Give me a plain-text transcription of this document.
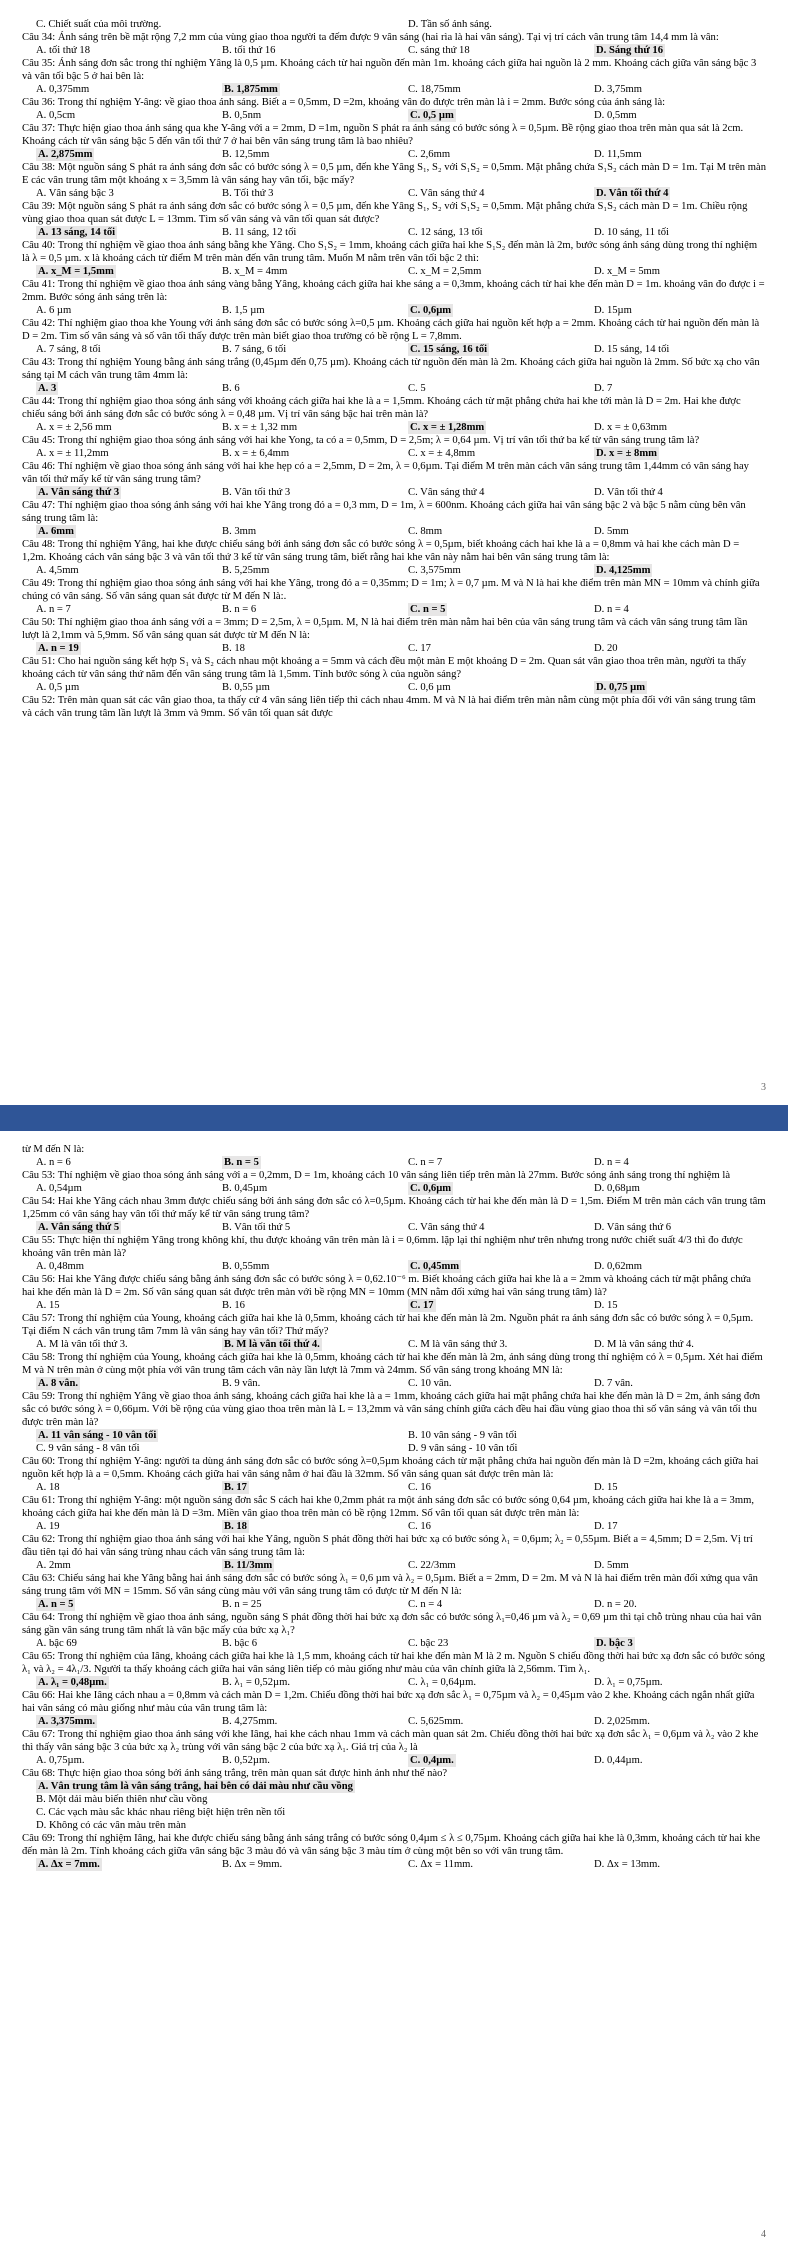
C. Chiết suất của môi trường.	D. Tần số ánh sáng.
Câu 34: Ánh sáng trên bề mặt rộng 7,2 mm của vùng giao thoa người ta đếm được 9 vân sáng (hai rìa là hai vân sáng). Tại vị trí cách vân trung tâm 14,4 mm là vân:
A. tối thứ 18	B. tối thứ 16	C. sáng thứ 18	D. Sáng thứ 16
Câu 35: Ánh sáng đơn sắc trong thí nghiệm Yâng là 0,5 µm. Khoảng cách từ hai nguồn đến màn 1m. khoảng cách giữa hai nguồn là 2 mm. Khoảng cách giữa vân sáng bậc 3 và vân tối bậc 5 ở hai bên là:
A. 0,375mm	B. 1,875mm	C. 18,75mm	D. 3,75mm
Câu 36: Trong thí nghiệm Y-âng: về giao thoa ánh sáng. Biết a = 0,5mm, D =2m, khoảng vân đo được trên màn là i = 2mm. Bước sóng của ánh sáng là:
A. 0,5cm	B. 0,5nm	C. 0,5 µm	D. 0,5mm
Câu 37: Thực hiện giao thoa ánh sáng qua khe Y-âng với a = 2mm, D =1m, nguồn S phát ra ánh sáng có bước sóng λ = 0,5µm. Bề rộng giao thoa trên màn qua sát là 2cm. Khoảng cách từ vân sáng bậc 5 đến vân tối thứ 7 ở hai bên vân sáng trung tâm là bao nhiêu?
A. 2,875mm	B. 12,5mm	C. 2,6mm	D. 11,5mm
Câu 38: Một nguồn sáng S phát ra ánh sáng đơn sắc có bước sóng λ = 0,5 µm, đến khe Yâng S₁, S₂ với S₁S₂ = 0,5mm. Mặt phẳng chứa S₁S₂ cách màn D = 1m. Tại M trên màn E các vân trung tâm một khoảng x = 3,5mm là vân sáng hay vân tối, bậc mấy?
A. Vân sáng bậc 3	B. Tối thứ 3	C. Vân sáng thứ 4	D. Vân tối thứ 4
Câu 39: Một nguồn sáng S phát ra ánh sáng đơn sắc có bước sóng λ = 0,5 µm, đến khe Yâng S₁, S₂ với S₁S₂ = 0,5mm. Mặt phẳng chứa S₁S₂ cách màn D = 1m. Chiều rộng vùng giao thoa quan sát được L = 13mm. Tìm số vân sáng và vân tối quan sát được?
A. 13 sáng, 14 tối	B. 11 sáng, 12 tối	C. 12 sáng, 13 tối	D. 10 sáng, 11 tối
Câu 40: Trong thí nghiệm về giao thoa ánh sáng bằng khe Yâng. Cho S₁S₂ = 1mm, khoảng cách giữa hai khe S₁S₂ đến màn là 2m, bước sóng ánh sáng dùng trong thí nghiệm là λ = 0,5 µm. x là khoảng cách từ điểm M trên màn đến vân trung tâm. Muốn M nằm trên vân tối bậc 2 thì:
A. x_M = 1,5mm	B. x_M = 4mm	C. x_M = 2,5mm	D. x_M = 5mm
Câu 41: Trong thí nghiệm về giao thoa ánh sáng vàng bằng Yâng, khoảng cách giữa hai khe sáng a = 0,3mm, khoảng cách từ hai khe đến màn D = 1m. khoảng vân đo được i = 2mm. Bước sóng ánh sáng trên là:
A. 6 µm	B. 1,5 µm	C. 0,6µm	D. 15µm
Câu 42: Thí nghiệm giao thoa khe Young với ánh sáng đơn sắc có bước sóng λ=0,5 µm. Khoảng cách giữa hai nguồn kết hợp a = 2mm. Khoảng cách từ hai nguồn đến màn là D = 2m. Tìm số vân sáng và số vân tối thấy được trên màn biết giao thoa trường có bề rộng L = 7,8mm.
A. 7 sáng, 8 tối	B. 7 sáng, 6 tối	C. 15 sáng, 16 tối	D. 15 sáng, 14 tối
Câu 43: Trong thí nghiệm Young bằng ánh sáng trắng (0,45µm đến 0,75 µm). Khoảng cách từ nguồn đến màn là 2m. Khoảng cách giữa hai nguồn là 2mm. Số bức xạ cho vân sáng tại M cách vân trung tâm 4mm là:
A. 3	B. 6	C. 5	D. 7
Câu 44: Trong thí nghiệm giao thoa sóng ánh sáng với khoảng cách giữa hai khe là a = 1,5mm. Khoảng cách từ mặt phẳng chứa hai khe tới màn là D = 2m. Hai khe được chiếu sáng bởi ánh sáng đơn sắc có bước sóng λ = 0,48 µm. Vị trí vân sáng bậc hai trên màn là?
A. x = ± 2,56 mm	B. x = ± 1,32 mm	C. x = ± 1,28mm	D. x = ± 0,63mm
Câu 45: Trong thí nghiệm giao thoa sóng ánh sáng với hai khe Yong, ta có a = 0,5mm, D = 2,5m; λ = 0,64 µm. Vị trí vân tối thứ ba kể từ vân sáng trung tâm là?
A. x = ± 11,2mm	B. x = ± 6,4mm	C. x = ± 4,8mm	D. x = ± 8mm
Câu 46: Thí nghiệm về giao thoa sóng ánh sáng với hai khe hẹp có a = 2,5mm, D = 2m, λ = 0,6µm. Tại điểm M trên màn cách vân sáng trung tâm 1,44mm có vân sáng hay vân tối thứ mấy kể từ vân sáng trung tâm?
A. Vân sáng thứ 3	B. Vân tối thứ 3	C. Vân sáng thứ 4	D. Vân tối thứ 4
Câu 47: Thí nghiệm giao thoa sóng ánh sáng với hai khe Yâng trong đó a = 0,3 mm, D = 1m, λ = 600nm. Khoảng cách giữa hai vân sáng bậc 2 và bậc 5 nằm cùng bên vân sáng trung tâm là:
A. 6mm	B. 3mm	C. 8mm	D. 5mm
Câu 48: Trong thí nghiệm Yâng, hai khe được chiếu sáng bởi ánh sáng đơn sắc có bước sóng λ = 0,5µm, biết khoảng cách hai khe là a = 0,8mm và hai khe cách màn D = 1,2m. Khoảng cách vân sáng bậc 3 và vân tối thứ 3 kể từ vân sáng trung tâm, biết rằng hai khe vân này nằm hai bên vân sáng trung tâm là:
A. 4,5mm	B. 5,25mm	C. 3,575mm	D. 4,125mm
Câu 49: Trong thí nghiệm giao thoa sóng ánh sáng với hai khe Yâng, trong đó a = 0,35mm; D = 1m; λ = 0,7 µm. M và N là hai khe điểm trên màn MN = 10mm và chính giữa chúng có vân sáng. Số vân sáng quan sát được từ M đến N là:.
A. n = 7	B. n = 6	C. n = 5	D. n = 4
Câu 50: Thí nghiệm giao thoa ánh sáng với a = 3mm; D = 2,5m, λ = 0,5µm. M, N là hai điểm trên màn nằm hai bên của vân sáng trung tâm và cách vân sáng trung tâm lần lượt là 2,1mm và 5,9mm. Số vân sáng quan sát được từ M đến N là:
A. n = 19	B. 18	C. 17	D. 20
Câu 51: Cho hai nguồn sáng kết hợp S₁ và S₂ cách nhau một khoảng a = 5mm và cách đều một màn E một khoảng D = 2m. Quan sát vân giao thoa trên màn, người ta thấy khoảng cách từ vân sáng thứ năm đến vân sáng trung tâm là 1,5mm. Tính bước sóng λ của nguồn sáng?
A. 0,5 µm	B. 0,55 µm	C. 0,6 µm	D. 0,75 µm
Câu 52: Trên màn quan sát các vân giao thoa, ta thấy cứ 4 vân sáng liên tiếp thì cách nhau 4mm. M và N là hai điểm trên màn nằm cùng một phía đối với vân sáng trung tâm và cách vân trung tâm lần lượt là 3mm và 9mm. Số vân tối quan sát được
3
từ M đến N là:
A. n = 6	B. n = 5	C. n = 7	D. n = 4
Câu 53: Thí nghiệm về giao thoa sóng ánh sáng với a = 0,2mm, D = 1m, khoảng cách 10 vân sáng liên tiếp trên màn là 27mm. Bước sóng ánh sáng trong thí nghiệm là
A. 0,54µm	B. 0,45µm	C. 0,6µm	D. 0,68µm
Câu 54: Hai khe Yâng cách nhau 3mm được chiếu sáng bởi ánh sáng đơn sắc có λ=0,5µm. Khoảng cách từ hai khe đến màn là D = 1,5m. Điểm M trên màn cách vân trung tâm 1,25mm có vân sáng hay vân tối thứ mấy kể từ vân sáng trung tâm?
A. Vân sáng thứ 5	B. Vân tối thứ 5	C. Vân sáng thứ 4	D. Vân sáng thứ 6
Câu 55: Thực hiện thí nghiệm Yâng trong không khí, thu được khoảng vân trên màn là i = 0,6mm. lặp lại thí nghiệm như trên nhưng trong nước chiết suất 4/3 thì đo được khoảng vân trên màn là?
A. 0,48mm	B. 0,55mm	C. 0,45mm	D. 0,62mm
Câu 56: Hai khe Yâng được chiếu sáng bằng ánh sáng đơn sắc có bước sóng λ = 0,62.10⁻⁶ m. Biết khoảng cách giữa hai khe là a = 2mm và khoảng cách từ mặt phẳng chứa hai khe đến màn là D = 2m. Số vân sáng quan sát được trên màn với bề rộng MN = 10mm (MN nằm đối xứng hai vân sáng trung tâm) là?
A. 15	B. 16	C. 17	D. 15
Câu 57: Trong thí nghiệm của Young, khoảng cách giữa hai khe là 0,5mm, khoảng cách từ hai khe đến màn là 2m. Nguồn phát ra ánh sáng đơn sắc có bước sóng λ = 0,5µm. Tại điểm N cách vân trung tâm 7mm là vân sáng hay vân tối? Thứ mấy?
A. M là vân tối thứ 3.	B. M là vân tối thứ 4.	C. M là vân sáng thứ 3.	D. M là vân sáng thứ 4.
Câu 58: Trong thí nghiệm của Young, khoảng cách giữa hai khe là 0,5mm, khoảng cách từ hai khe đến màn là 2m, ánh sáng dùng trong thí nghiệm có λ = 0,5µm. Xét hai điểm M và N trên màn ở cùng một phía với vân trung tâm cách vân này lần lượt là 7mm và 24mm. Số vân sáng trong khoảng MN là:
A. 8 vân.	B. 9 vân.	C. 10 vân.	D. 7 vân.
Câu 59: Trong thí nghiệm Yâng về giao thoa ánh sáng, khoảng cách giữa hai khe là a = 1mm, khoảng cách giữa hai mặt phẳng chứa hai khe đến màn là D = 2m, ánh sáng đơn sắc có bước sóng λ = 0,66µm. Với bề rộng của vùng giao thoa trên màn là L = 13,2mm và vân sáng chính giữa cách đều hai đầu vùng giao thoa thì số vân sáng và vân tối thu được trên màn là?
A. 11 vân sáng - 10 vân tối	B. 10 vân sáng - 9 vân tối
C. 9 vân sáng - 8 vân tối	D. 9 vân sáng - 10 vân tối
Câu 60: Trong thí nghiệm Y-âng: người ta dùng ánh sáng đơn sắc có bước sóng λ=0,5µm khoảng cách từ mặt phẳng chứa hai nguồn đến màn là D =2m, khoảng cách giữa hai nguồn kết hợp là a = 0,5mm. Khoảng cách giữa hai vân sáng nằm ở hai đầu là 32mm. Số vân sáng quan sát được trên màn là:
A. 18	B. 17	C. 16	D. 15
Câu 61: Trong thí nghiệm Y-âng: một nguồn sáng đơn sắc S cách hai khe 0,2mm phát ra một ánh sáng đơn sắc có bước sóng 0,64 µm, khoảng cách giữa hai khe là a = 3mm, khoảng cách giữa hai khe đến màn là D =3m. Miền vân giao thoa trên màn có bề rộng 12mm. Số vân tối quan sát được trên màn là:
A. 19	B. 18	C. 16	D. 17
Câu 62: Trong thí nghiệm giao thoa ánh sáng với hai khe Yâng, nguồn S phát đồng thời hai bức xạ có bước sóng λ₁ = 0,6µm; λ₂ = 0,55µm. Biết a = 4,5mm; D = 2,5m. Vị trí đầu tiên tại đó hai vân sáng trùng nhau cách vân sáng trung tâm là:
A. 2mm	B. 11/3mm	C. 22/3mm	D. 5mm
Câu 63: Chiếu sáng hai khe Yâng bằng hai ánh sáng đơn sắc có bước sóng λ₁ = 0,6 µm và λ₂ = 0,5µm. Biết a = 2mm, D = 2m. M và N là hai điểm trên màn đối xứng qua vân sáng trung tâm với MN = 15mm. Số vân sáng cùng màu với vân sáng trung tâm có được từ M đến N là:
A. n = 5	B. n = 25	C. n = 4	D. n = 20.
Câu 64: Trong thí nghiệm về giao thoa ánh sáng, nguồn sáng S phát đồng thời hai bức xạ đơn sắc có bước sóng λ₁=0,46 µm và λ₂ = 0,69 µm thì tại chỗ trùng nhau của hai vân sáng gần vân sáng trung tâm nhất là vân bậc mấy của bức xạ λ₁?
A. bậc 69	B. bậc 6	C. bậc 23	D. bậc 3
Câu 65: Trong thí nghiệm của Iâng, khoảng cách giữa hai khe là 1,5 mm, khoảng cách từ hai khe đến màn M là 2 m. Nguồn S chiếu đồng thời hai bức xạ đơn sắc có bước sóng λ₁ và λ₂ = 4λ₁/3. Người ta thấy khoảng cách giữa hai vân sáng liên tiếp có màu giống như màu của vân chính giữa là 2,56mm. Tìm λ₁.
A. λ₁ = 0,48µm.	B. λ₁ = 0,52µm.	C. λ₁ = 0,64µm.	D. λ₁ = 0,75µm.
Câu 66: Hai khe Iâng cách nhau a = 0,8mm và cách màn D = 1,2m. Chiếu đồng thời hai bức xạ đơn sắc λ₁ = 0,75µm và λ₂ = 0,45µm vào 2 khe. Khoảng cách ngắn nhất giữa hai vân sáng có màu giống như màu của vân trung tâm là:
A. 3,375mm.	B. 4,275mm.	C. 5,625mm.	D. 2,025mm.
Câu 67: Trong thí nghiệm giao thoa ánh sáng với khe Iâng, hai khe cách nhau 1mm và cách màn quan sát 2m. Chiếu đồng thời hai bức xạ đơn sắc λ₁ = 0,6µm và λ₂ vào 2 khe thì thấy vân sáng bậc 3 của bức xạ λ₂ trùng với vân sáng bậc 2 của bức xạ λ₁. Giá trị của λ₂ là
A. 0,75µm.	B. 0,52µm.	C. 0,4µm.	D. 0,44µm.
Câu 68: Thực hiện giao thoa sóng bởi ánh sáng trắng, trên màn quan sát được hình ảnh như thế nào?
A. Vân trung tâm là vân sáng trắng, hai bên có dải màu như cầu vồng
B. Một dải màu biến thiên như cầu vồng
C. Các vạch màu sắc khác nhau riêng biệt hiện trên nền tối
D. Không có các vân màu trên màn
Câu 69: Trong thí nghiệm Iâng, hai khe được chiếu sáng bằng ánh sáng trắng có bước sóng 0,4µm ≤ λ ≤ 0,75µm. Khoảng cách giữa hai khe là 0,3mm, khoảng cách từ hai khe đến màn là 2m. Tính khoảng cách giữa vân sáng bậc 3 màu đỏ và vân sáng bậc 3 màu tím ở cùng một bên so với vân trung tâm.
A. Δx = 7mm.	B. Δx = 9mm.	C. Δx = 11mm.	D. Δx = 13mm.
4
